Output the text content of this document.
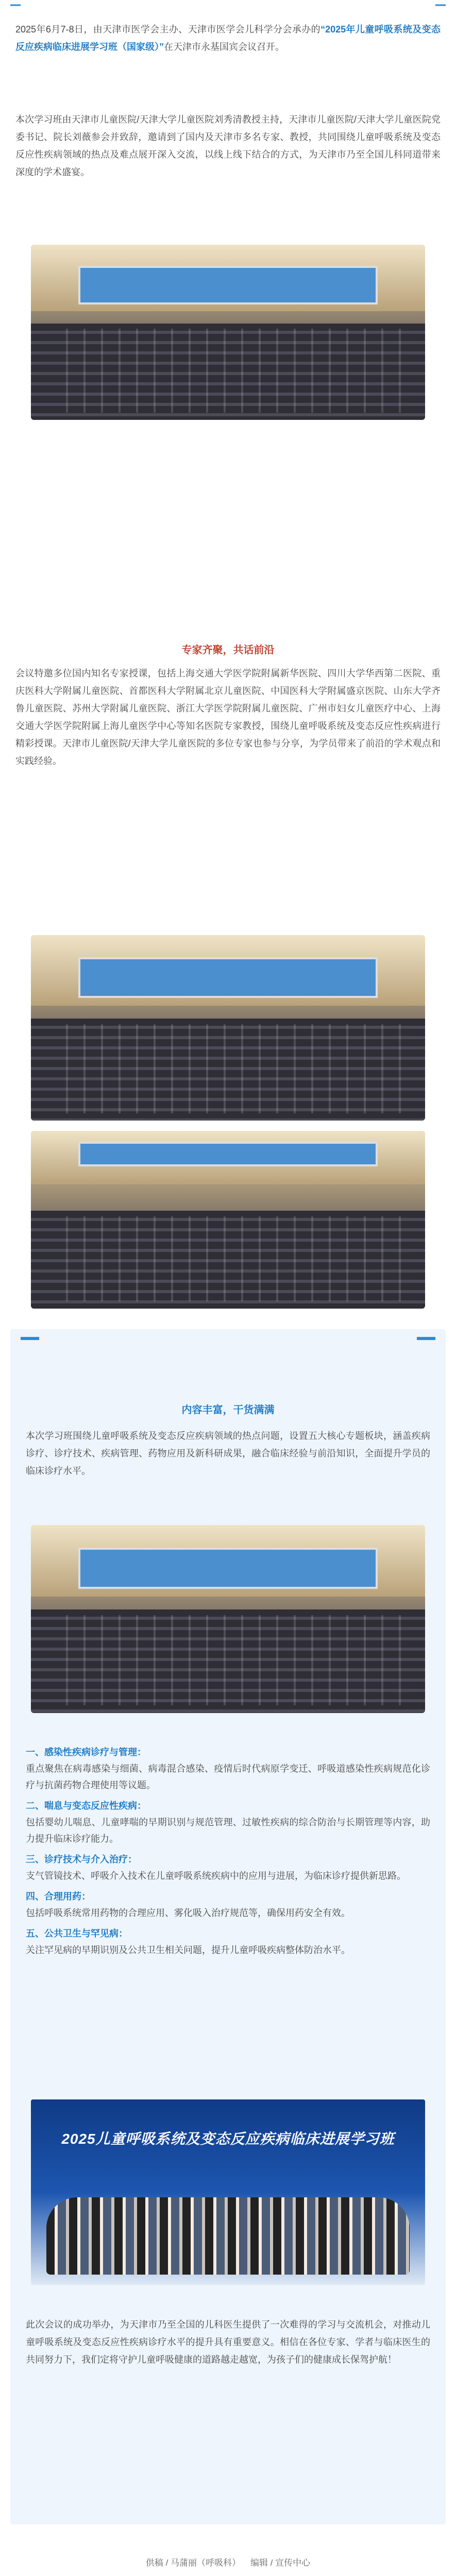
2025年6月7-8日，由天津市医学会主办、天津市医学会儿科学分会承办的“2025年儿童呼吸系统及变态反应疾病临床进展学习班（国家级）”在天津市永基国宾会议召开。

本次学习班由天津市儿童医院/天津大学儿童医院刘秀清教授主持，天津市儿童医院/天津大学儿童医院党委书记、院长刘薇参会并致辞，邀请到了国内及天津市多名专家、教授，共同围绕儿童呼吸系统及变态反应性疾病领域的热点及难点展开深入交流，以线上线下结合的方式，为天津市乃至全国儿科同道带来深度的学术盛宴。

专家齐聚，共话前沿

会议特邀多位国内知名专家授课，包括上海交通大学医学院附属新华医院、四川大学华西第二医院、重庆医科大学附属儿童医院、首都医科大学附属北京儿童医院、中国医科大学附属盛京医院、山东大学齐鲁儿童医院、苏州大学附属儿童医院、浙江大学医学院附属儿童医院、广州市妇女儿童医疗中心、上海交通大学医学院附属上海儿童医学中心等知名医院专家教授，围绕儿童呼吸系统及变态反应性疾病进行精彩授课。天津市儿童医院/天津大学儿童医院的多位专家也参与分享，为学员带来了前沿的学术观点和实践经验。

内容丰富，干货满满

本次学习班围绕儿童呼吸系统及变态反应疾病领域的热点问题，设置五大核心专题板块，涵盖疾病诊疗、诊疗技术、疾病管理、药物应用及新科研成果，融合临床经验与前沿知识，全面提升学员的临床诊疗水平。

一、感染性疾病诊疗与管理：
重点聚焦在病毒感染与细菌、病毒混合感染、疫情后时代病原学变迁、呼吸道感染性疾病规范化诊疗与抗菌药物合理使用等议题。
二、喘息与变态反应性疾病：
包括婴幼儿喘息、儿童哮喘的早期识别与规范管理、过敏性疾病的综合防治与长期管理等内容，助力提升临床诊疗能力。
三、诊疗技术与介入治疗：
支气管镜技术、呼吸介入技术在儿童呼吸系统疾病中的应用与进展，为临床诊疗提供新思路。
四、合理用药：
包括呼吸系统常用药物的合理应用、雾化吸入治疗规范等，确保用药安全有效。
五、公共卫生与罕见病：
关注罕见病的早期识别及公共卫生相关问题，提升儿童呼吸疾病整体防治水平。
2025儿童呼吸系统及变态反应疾病临床进展学习班

此次会议的成功举办，为天津市乃至全国的儿科医生提供了一次难得的学习与交流机会，对推动儿童呼吸系统及变态反应性疾病诊疗水平的提升具有重要意义。相信在各位专家、学者与临床医生的共同努力下，我们定将守护儿童呼吸健康的道路越走越宽，为孩子们的健康成长保驾护航！

供稿 / 马蒲丽（呼吸科） 编辑 / 宣传中心
